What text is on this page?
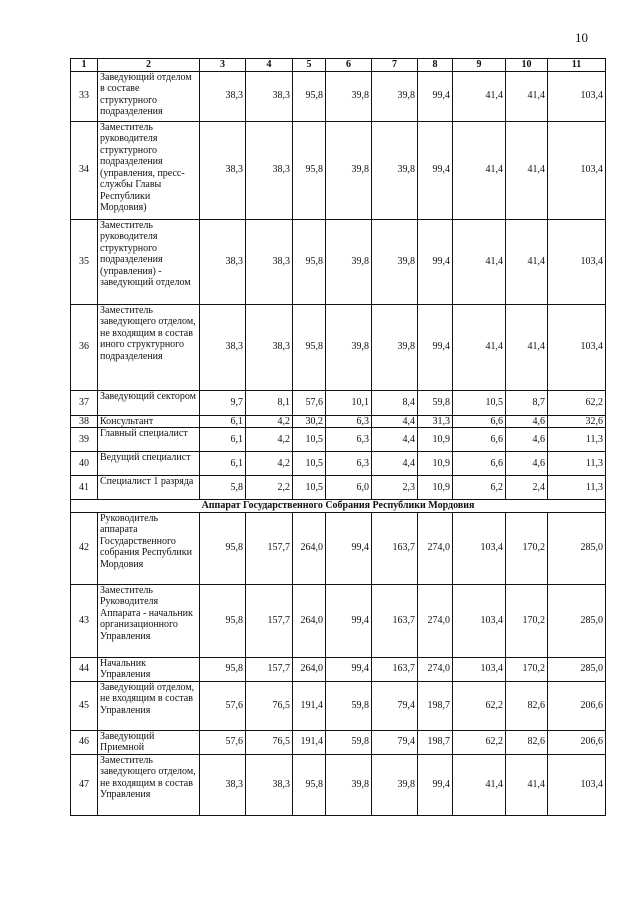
10
1	2	3	4	5	6	7	8	9	10	11
33	Заведующий отделом в составе структурного подразделения	38,3	38,3	95,8	39,8	39,8	99,4	41,4	41,4	103,4
34	Заместитель руководителя структурного подразделения (управления, пресс-службы Главы Республики Мордовия)	38,3	38,3	95,8	39,8	39,8	99,4	41,4	41,4	103,4
35	Заместитель руководителя структурного подразделения (управления) - заведующий отделом	38,3	38,3	95,8	39,8	39,8	99,4	41,4	41,4	103,4
36	Заместитель заведующего отделом, не входящим в состав иного структурного подразделения	38,3	38,3	95,8	39,8	39,8	99,4	41,4	41,4	103,4
37	Заведующий сектором	9,7	8,1	57,6	10,1	8,4	59,8	10,5	8,7	62,2
38	Консультант	6,1	4,2	30,2	6,3	4,4	31,3	6,6	4,6	32,6
39	Главный специалист	6,1	4,2	10,5	6,3	4,4	10,9	6,6	4,6	11,3
40	Ведущий специалист	6,1	4,2	10,5	6,3	4,4	10,9	6,6	4,6	11,3
41	Специалист 1 разряда	5,8	2,2	10,5	6,0	2,3	10,9	6,2	2,4	11,3
Аппарат Государственного Собрания Республики Мордовия										
42	Руководитель аппарата Государственного собрания Республики Мордовия	95,8	157,7	264,0	99,4	163,7	274,0	103,4	170,2	285,0
43	Заместитель Руководителя Аппарата - начальник организационного Управления	95,8	157,7	264,0	99,4	163,7	274,0	103,4	170,2	285,0
44	Начальник Управления	95,8	157,7	264,0	99,4	163,7	274,0	103,4	170,2	285,0
45	Заведующий отделом, не входящим в состав Управления	57,6	76,5	191,4	59,8	79,4	198,7	62,2	82,6	206,6
46	Заведующий Приемной	57,6	76,5	191,4	59,8	79,4	198,7	62,2	82,6	206,6
47	Заместитель заведующего отделом, не входящим в состав Управления	38,3	38,3	95,8	39,8	39,8	99,4	41,4	41,4	103,4
